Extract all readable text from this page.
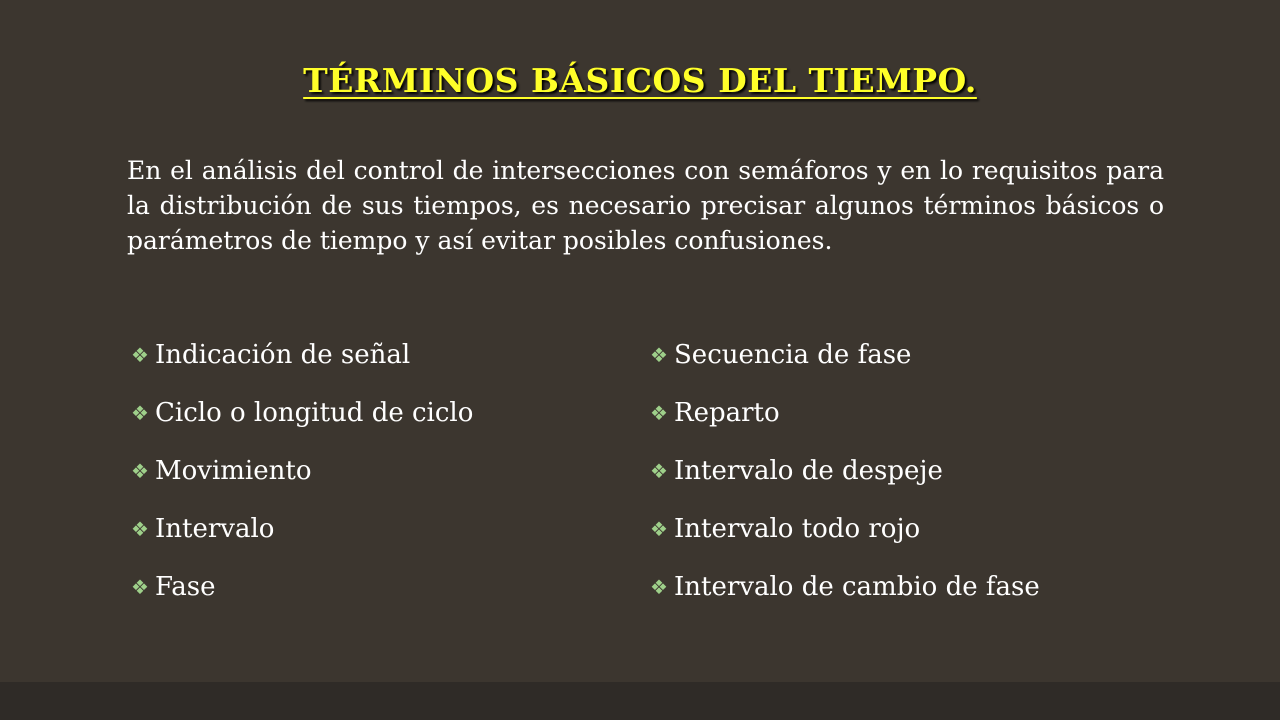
TÉRMINOS BÁSICOS DEL TIEMPO.

En el análisis del control de intersecciones con semáforos y en lo requisitos para la distribución de sus tiempos, es necesario precisar algunos términos básicos o parámetros de tiempo y así evitar posibles confusiones.

❖ Indicación de señal
❖ Ciclo o longitud de ciclo
❖ Movimiento
❖ Intervalo
❖ Fase
❖ Secuencia de fase
❖ Reparto
❖ Intervalo de despeje
❖ Intervalo todo rojo
❖ Intervalo de cambio de fase
